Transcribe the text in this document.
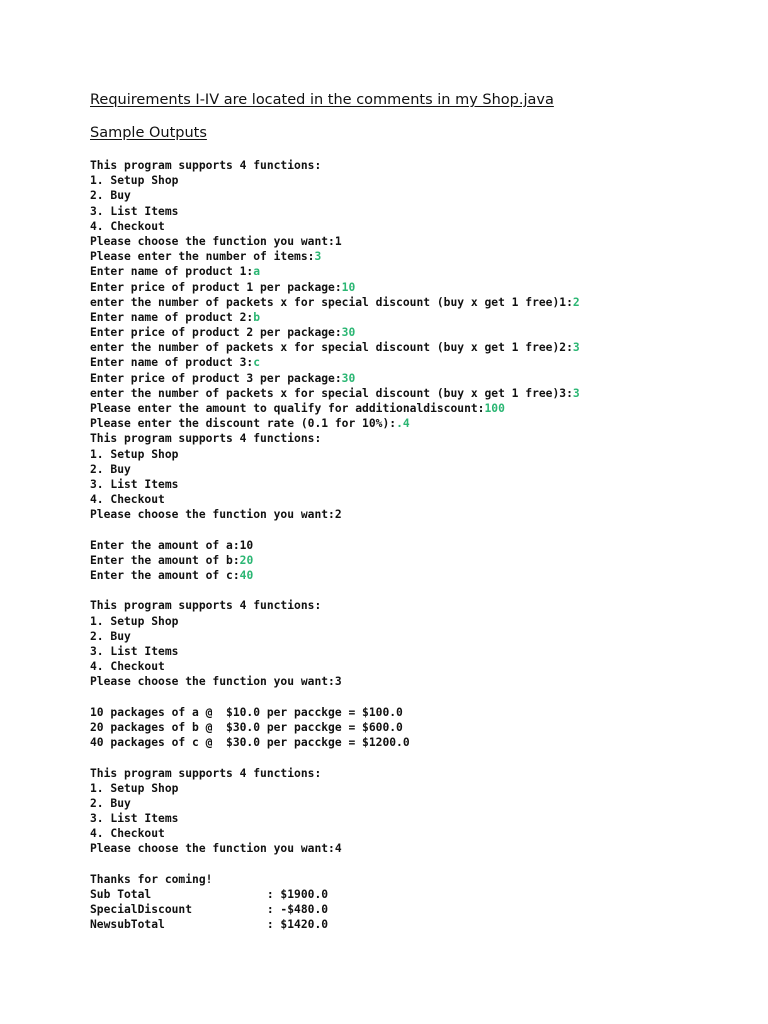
Requirements I-IV are located in the comments in my Shop.java
Sample Outputs
This program supports 4 functions:
1. Setup Shop
2. Buy
3. List Items
4. Checkout
Please choose the function you want:1
Please enter the number of items:3
Enter name of product 1:a
Enter price of product 1 per package:10
enter the number of packets x for special discount (buy x get 1 free)1:2
Enter name of product 2:b
Enter price of product 2 per package:30
enter the number of packets x for special discount (buy x get 1 free)2:3
Enter name of product 3:c
Enter price of product 3 per package:30
enter the number of packets x for special discount (buy x get 1 free)3:3
Please enter the amount to qualify for additionaldiscount:100
Please enter the discount rate (0.1 for 10%):.4
This program supports 4 functions:
1. Setup Shop
2. Buy
3. List Items
4. Checkout
Please choose the function you want:2
Enter the amount of a:10
Enter the amount of b:20
Enter the amount of c:40
This program supports 4 functions:
1. Setup Shop
2. Buy
3. List Items
4. Checkout
Please choose the function you want:3
10 packages of a @  $10.0 per pacckge = $100.0
20 packages of b @  $30.0 per pacckge = $600.0
40 packages of c @  $30.0 per pacckge = $1200.0
This program supports 4 functions:
1. Setup Shop
2. Buy
3. List Items
4. Checkout
Please choose the function you want:4
Thanks for coming!
Sub Total                 : $1900.0
SpecialDiscount           : -$480.0
NewsubTotal               : $1420.0
